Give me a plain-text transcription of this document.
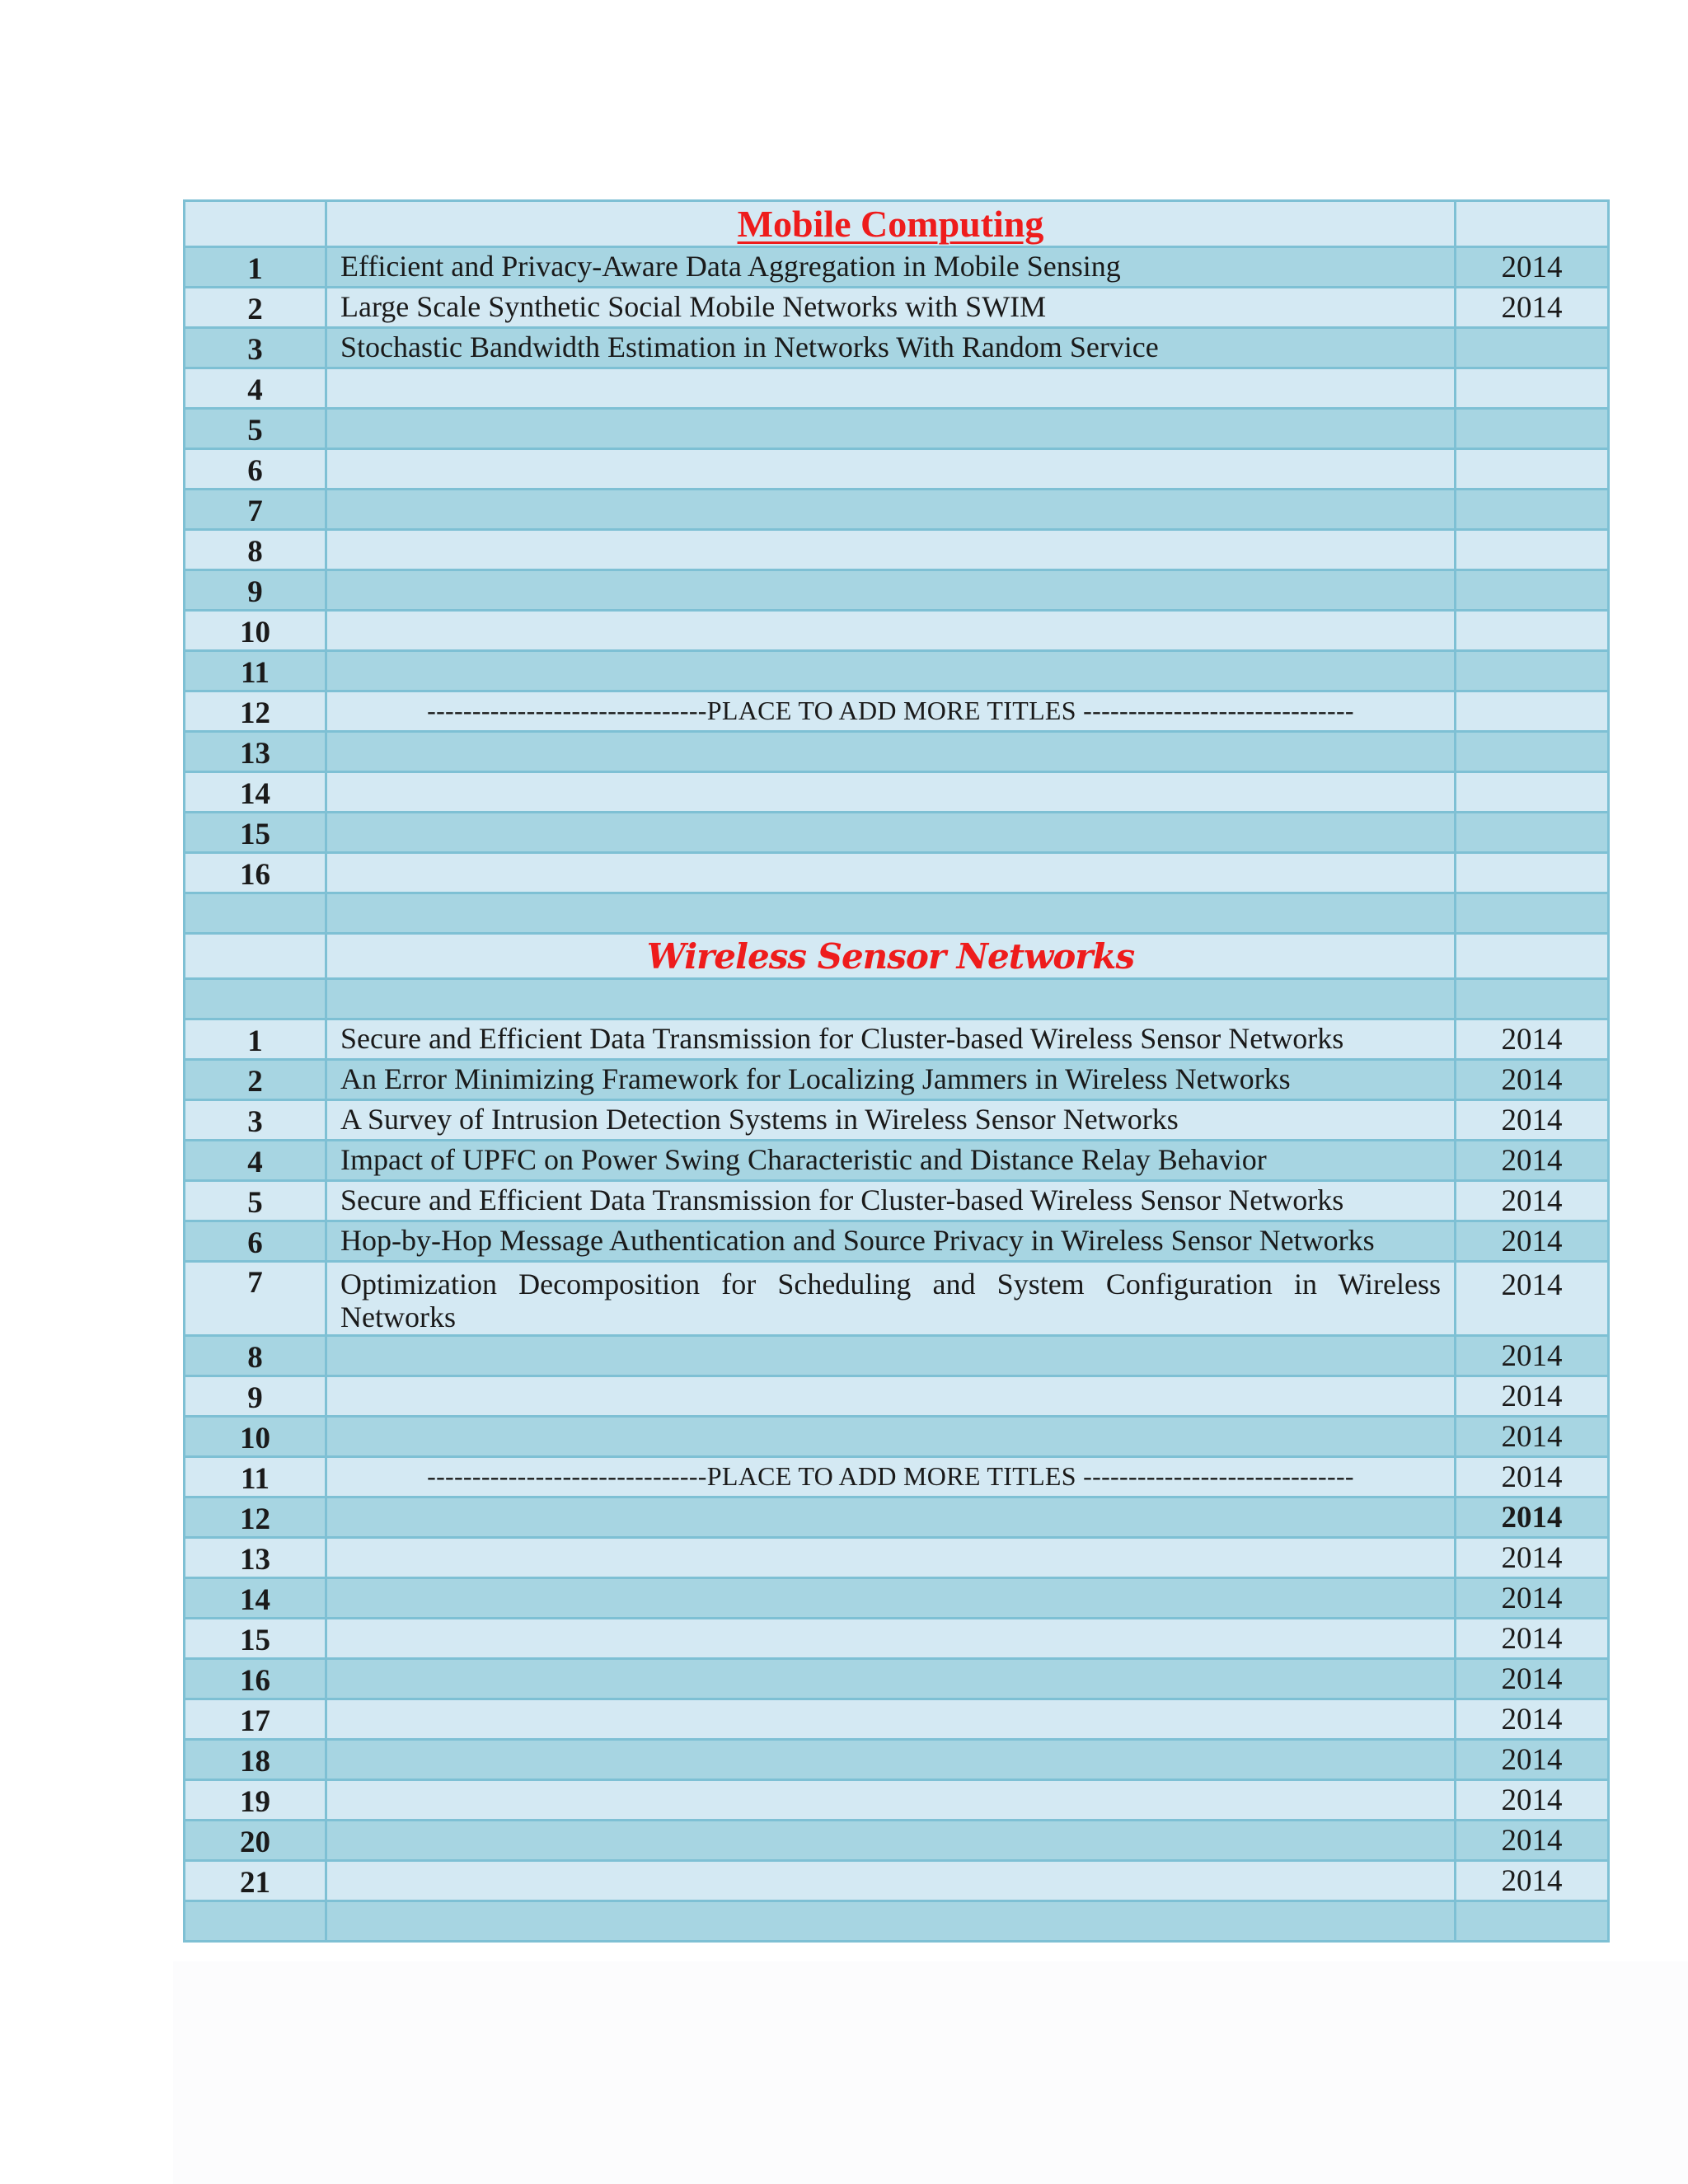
	Mobile Computing	
1	Efficient and Privacy-Aware Data Aggregation in Mobile Sensing	2014
2	Large Scale Synthetic Social Mobile Networks with SWIM	2014
3	Stochastic Bandwidth Estimation in Networks With Random Service	
4		
5		
6		
7		
8		
9		
10		
11		
12	-------------------------------PLACE TO ADD MORE TITLES ------------------------------	
13		
14		
15		
16		

	Wireless Sensor Networks	

1	Secure and Efficient Data Transmission for Cluster-based Wireless Sensor Networks	2014
2	An Error Minimizing Framework for Localizing Jammers in Wireless Networks	2014
3	A Survey of Intrusion Detection Systems in Wireless Sensor Networks	2014
4	Impact of UPFC on Power Swing Characteristic and Distance Relay Behavior	2014
5	Secure and Efficient Data Transmission for Cluster-based Wireless Sensor Networks	2014
6	Hop-by-Hop Message Authentication and Source Privacy in Wireless Sensor Networks	2014
7	Optimization Decomposition for Scheduling and System Configuration in Wireless Networks	2014
8		2014
9		2014
10		2014
11	-------------------------------PLACE TO ADD MORE TITLES ------------------------------	2014
12		2014
13		2014
14		2014
15		2014
16		2014
17		2014
18		2014
19		2014
20		2014
21		2014
